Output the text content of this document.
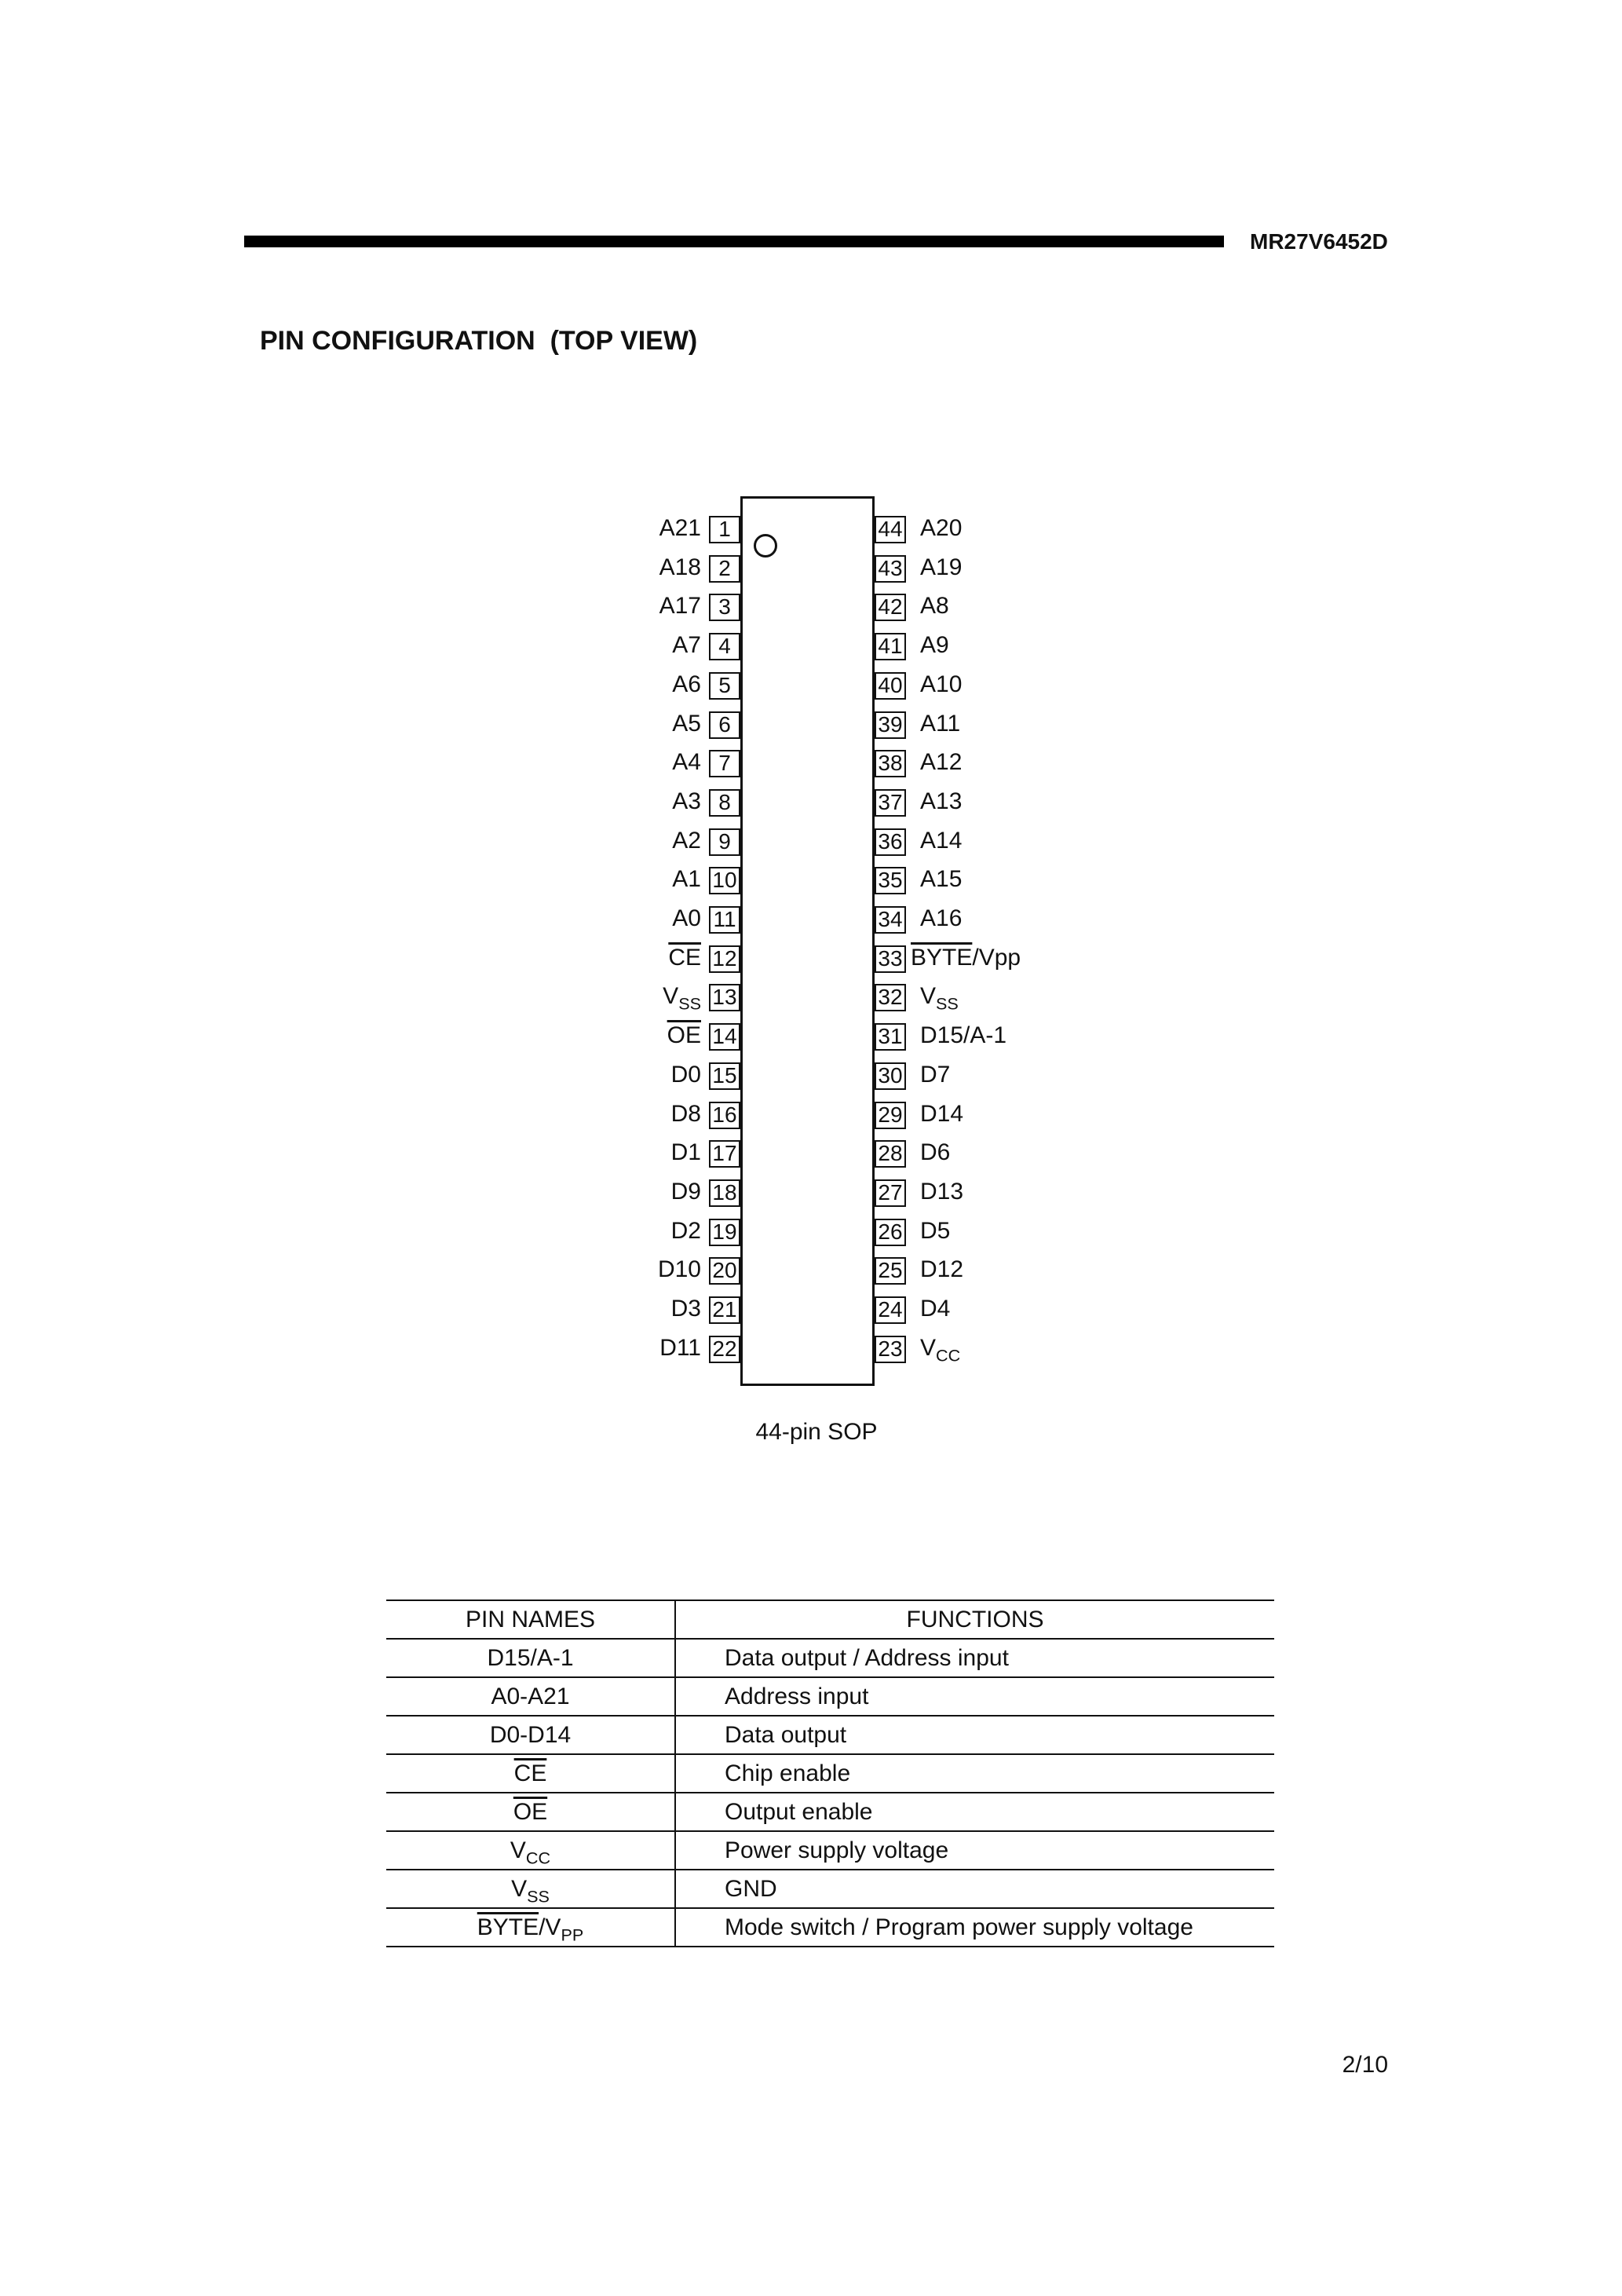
MR27V6452D
PIN CONFIGURATION  (TOP VIEW)
1
A21
2
A18
3
A17
4
A7
5
A6
6
A5
7
A4
8
A3
9
A2
10
A1
11
A0
12
$\overline{CE}$
13
$V_{SS}$
14
$\overline{OE}$
15
D0
16
D8
17
D1
18
D9
19
D2
20
D10
21
D3
22
D11
44 A20
43 A19
42 A8
41 A9
40 A10
39 A11
38 A12
37 A13
36 A14
35 A15
34 A16
33 BYTE/Vpp
32 $V_{SS}$
31 D15/A-1
30 D7
29 D14
28 D6
27 D13
26 D5
25 D12
24 D4
23 $V_{CC}$
44-pin SOP
PIN NAMES	FUNCTIONS
D15/A-1	Data output / Address input
A0-A21	Address input
D0-D14	Data output
$\overline{CE}$	Chip enable
$\overline{OE}$	Output enable
$V_{CC}$	Power supply voltage
$V_{SS}$	GND
BYTE/$V_{PP}$	Mode switch / Program power supply voltage
2/10
